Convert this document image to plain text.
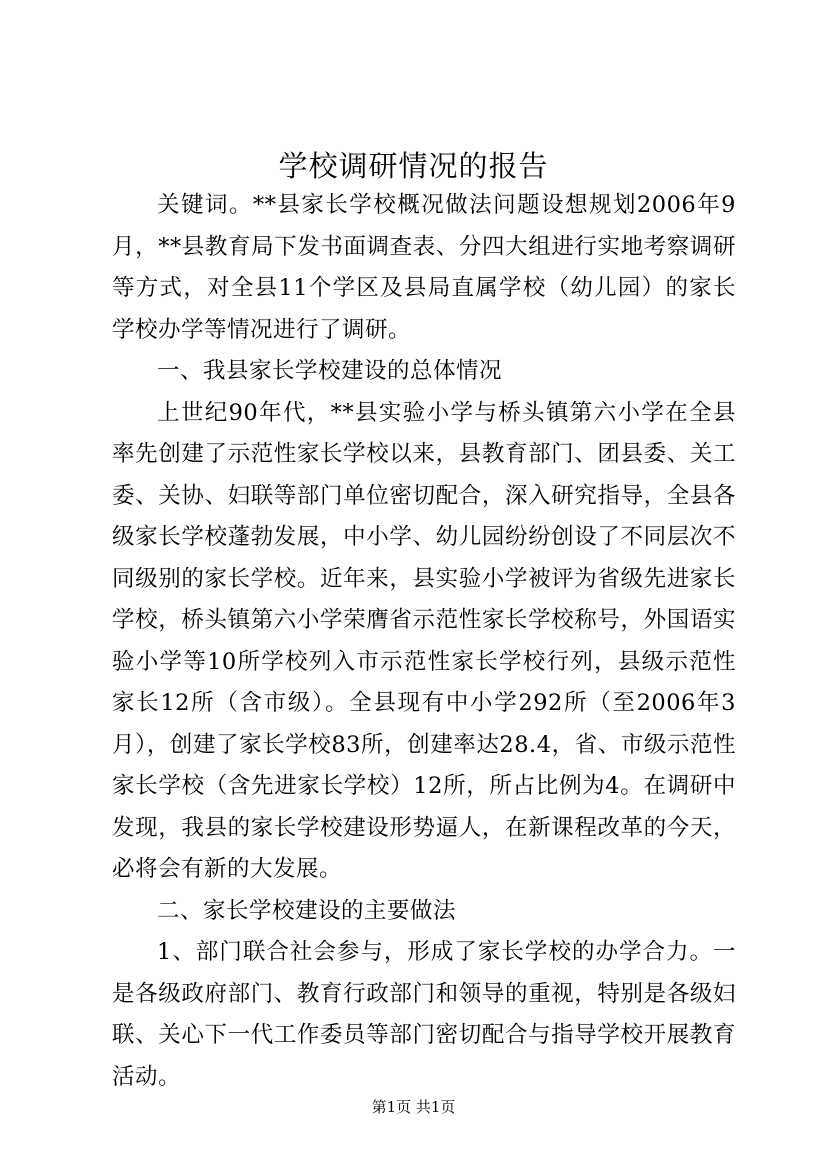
学校调研情况的报告

关键词。**县家长学校概况做法问题设想规划2006年9月，**县教育局下发书面调查表、分四大组进行实地考察调研等方式，对全县11个学区及县局直属学校（幼儿园）的家长学校办学等情况进行了调研。

一、我县家长学校建设的总体情况

上世纪90年代，**县实验小学与桥头镇第六小学在全县率先创建了示范性家长学校以来，县教育部门、团县委、关工委、关协、妇联等部门单位密切配合，深入研究指导，全县各级家长学校蓬勃发展，中小学、幼儿园纷纷创设了不同层次不同级别的家长学校。近年来，县实验小学被评为省级先进家长学校，桥头镇第六小学荣膺省示范性家长学校称号，外国语实验小学等10所学校列入市示范性家长学校行列，县级示范性家长12所（含市级）。全县现有中小学292所（至2006年3月），创建了家长学校83所，创建率达28.4，省、市级示范性家长学校（含先进家长学校）12所，所占比例为4。在调研中发现，我县的家长学校建设形势逼人，在新课程改革的今天，必将会有新的大发展。

二、家长学校建设的主要做法

1、部门联合社会参与，形成了家长学校的办学合力。一是各级政府部门、教育行政部门和领导的重视，特别是各级妇联、关心下一代工作委员等部门密切配合与指导学校开展教育活动。

第1页 共1页
